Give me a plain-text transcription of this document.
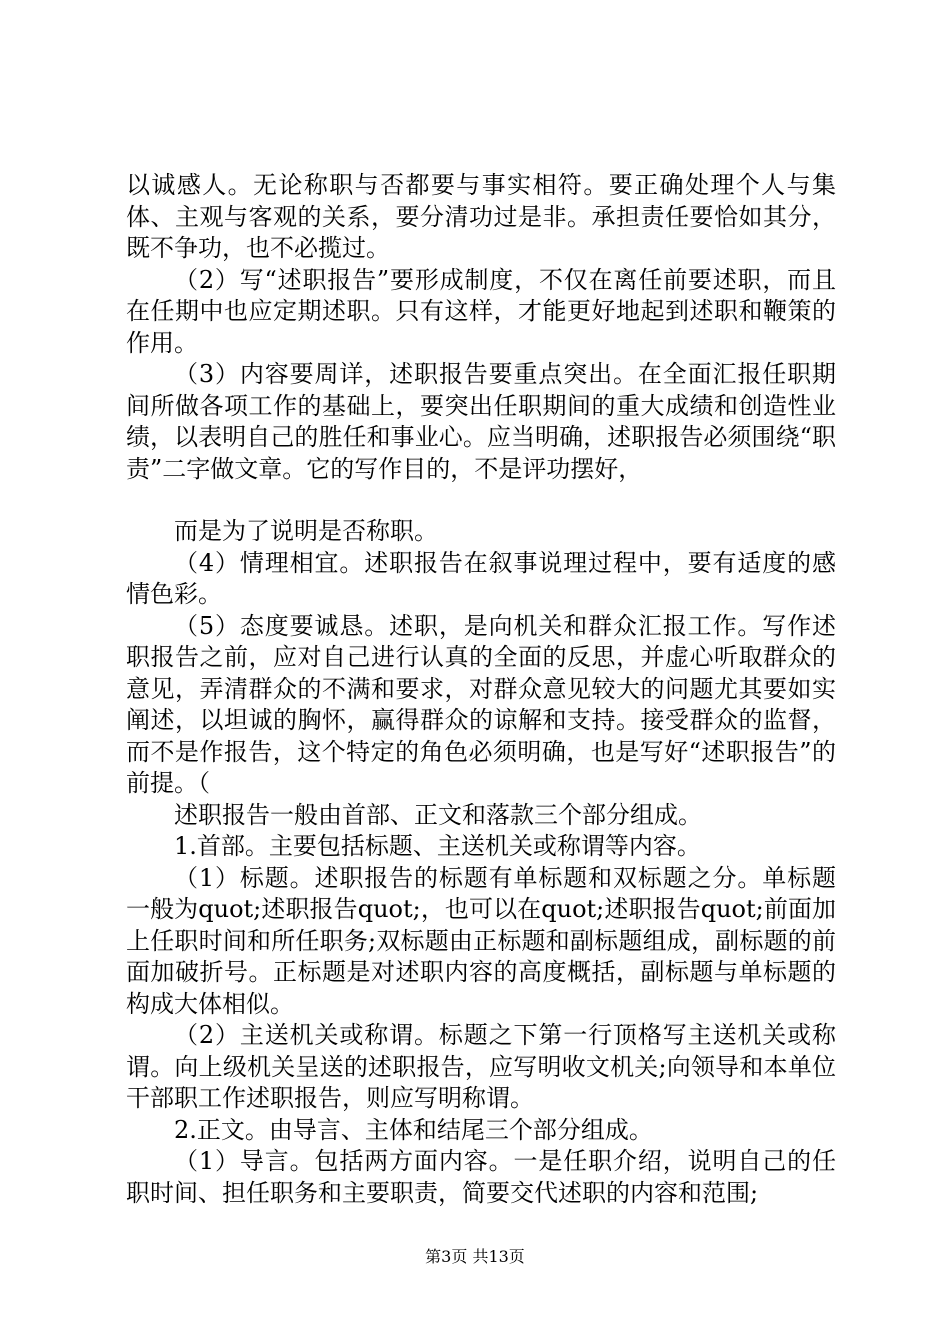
以诚感人。无论称职与否都要与事实相符。要正确处理个人与集体、主观与客观的关系，要分清功过是非。承担责任要恰如其分，既不争功，也不必揽过。

（2）写“述职报告”要形成制度，不仅在离任前要述职，而且在任期中也应定期述职。只有这样，才能更好地起到述职和鞭策的作用。

（3）内容要周详，述职报告要重点突出。在全面汇报任职期间所做各项工作的基础上，要突出任职期间的重大成绩和创造性业绩，以表明自己的胜任和事业心。应当明确，述职报告必须围绕“职责”二字做文章。它的写作目的，不是评功摆好，

而是为了说明是否称职。

（4）情理相宜。述职报告在叙事说理过程中，要有适度的感情色彩。

（5）态度要诚恳。述职，是向机关和群众汇报工作。写作述职报告之前，应对自己进行认真的全面的反思，并虚心听取群众的意见，弄清群众的不满和要求，对群众意见较大的问题尤其要如实阐述，以坦诚的胸怀，赢得群众的谅解和支持。接受群众的监督，而不是作报告，这个特定的角色必须明确，也是写好“述职报告”的前提。（

述职报告一般由首部、正文和落款三个部分组成。

1.首部。主要包括标题、主送机关或称谓等内容。

（1）标题。述职报告的标题有单标题和双标题之分。单标题一般为quot;述职报告quot;，也可以在quot;述职报告quot;前面加上任职时间和所任职务;双标题由正标题和副标题组成，副标题的前面加破折号。正标题是对述职内容的高度概括，副标题与单标题的构成大体相似。

（2）主送机关或称谓。标题之下第一行顶格写主送机关或称谓。向上级机关呈送的述职报告，应写明收文机关;向领导和本单位干部职工作述职报告，则应写明称谓。

2.正文。由导言、主体和结尾三个部分组成。

（1）导言。包括两方面内容。一是任职介绍，说明自己的任职时间、担任职务和主要职责，简要交代述职的内容和范围;

第3页 共13页
